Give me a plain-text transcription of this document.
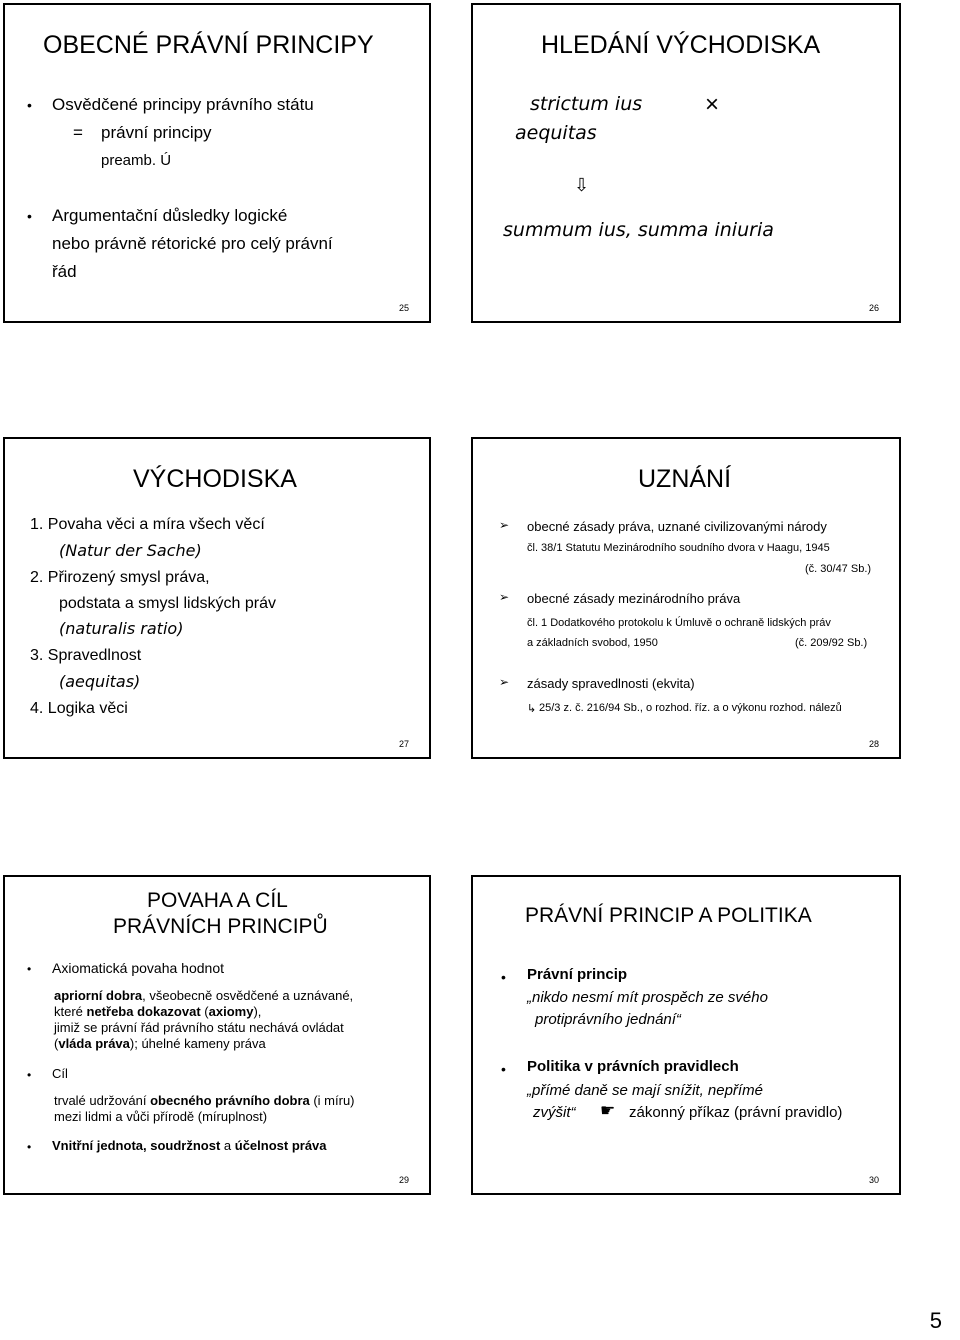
OBECNÉ PRÁVNÍ PRINCIPY
• Osvědčené principy právního státu
= právní principy
preamb. Ú
• Argumentační důsledky logické
nebo právně rétorické pro celý právní
řád
25
HLEDÁNÍ VÝCHODISKA
strictum ius	×
aequitas
⇩
summum ius, summa iniuria
26
VÝCHODISKA
1. Povaha věci a míra všech věcí
(Natur der Sache)
2. Přirozený smysl práva,
podstata a smysl lidských práv
(naturalis ratio)
3. Spravedlnost
(aequitas)
4. Logika věci
27
UZNÁNÍ
➢ obecné zásady práva, uznané civilizovanými národy
čl. 38/1 Statutu Mezinárodního soudního dvora v Haagu, 1945
(č. 30/47 Sb.)
➢ obecné zásady mezinárodního práva
čl. 1 Dodatkového protokolu k Úmluvě o ochraně lidských práv
a základních svobod, 1950	(č. 209/92 Sb.)
➢ zásady spravedlnosti (ekvita)
25/3 z. č. 216/94 Sb., o rozhod. říz. a o výkonu rozhod. nálezů
↳
28
POVAHA A CÍL
PRÁVNÍCH PRINCIPŮ
• Axiomatická povaha hodnot
apriorní dobra, všeobecně osvědčené a uznávané,
které netřeba dokazovat (axiomy),
jimiž se právní řád právního státu nechává ovládat
(vláda práva); úhelné kameny práva
• Cíl
trvalé udržování obecného právního dobra (i míru)
mezi lidmi a vůči přírodě (míruplnost)
• Vnitřní jednota, soudržnost a účelnost práva
29
PRÁVNÍ PRINCIP A POLITIKA
• Právní princip
„nikdo nesmí mít prospěch ze svého
protiprávního jednání“
• Politika v právních pravidlech
„přímé daně se mají snížit, nepřímé
zvýšit“ ☛ zákonný příkaz (právní pravidlo)
30
5
